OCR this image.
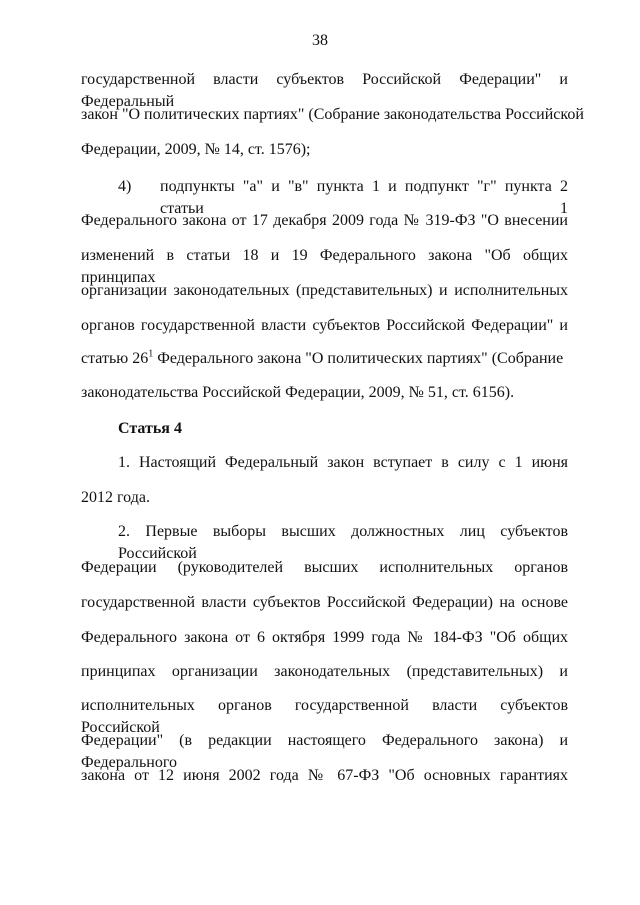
38
государственной власти субъектов Российской Федерации" и Федеральный
закон "О политических партиях" (Собрание законодательства Российской
Федерации, 2009, № 14, ст. 1576);
4) подпункты "а" и "в" пункта 1 и подпункт "г" пункта 2 статьи 1
Федерального закона от 17 декабря 2009 года № 319-ФЗ "О внесении
изменений в статьи 18 и 19 Федерального закона "Об общих принципах
организации законодательных (представительных) и исполнительных
органов государственной власти субъектов Российской Федерации" и
статью $26^1$ Федерального закона "О политических партиях" (Собрание
законодательства Российской Федерации, 2009, № 51, ст. 6156).
Статья 4
1. Настоящий Федеральный закон вступает в силу с 1 июня
2012 года.
2. Первые выборы высших должностных лиц субъектов Российской
Федерации (руководителей высших исполнительных органов
государственной власти субъектов Российской Федерации) на основе
Федерального закона от 6 октября 1999 года № 184-ФЗ "Об общих
принципах организации законодательных (представительных) и
исполнительных органов государственной власти субъектов Российской
Федерации" (в редакции настоящего Федерального закона) и Федерального
закона от 12 июня 2002 года № 67-ФЗ "Об основных гарантиях
